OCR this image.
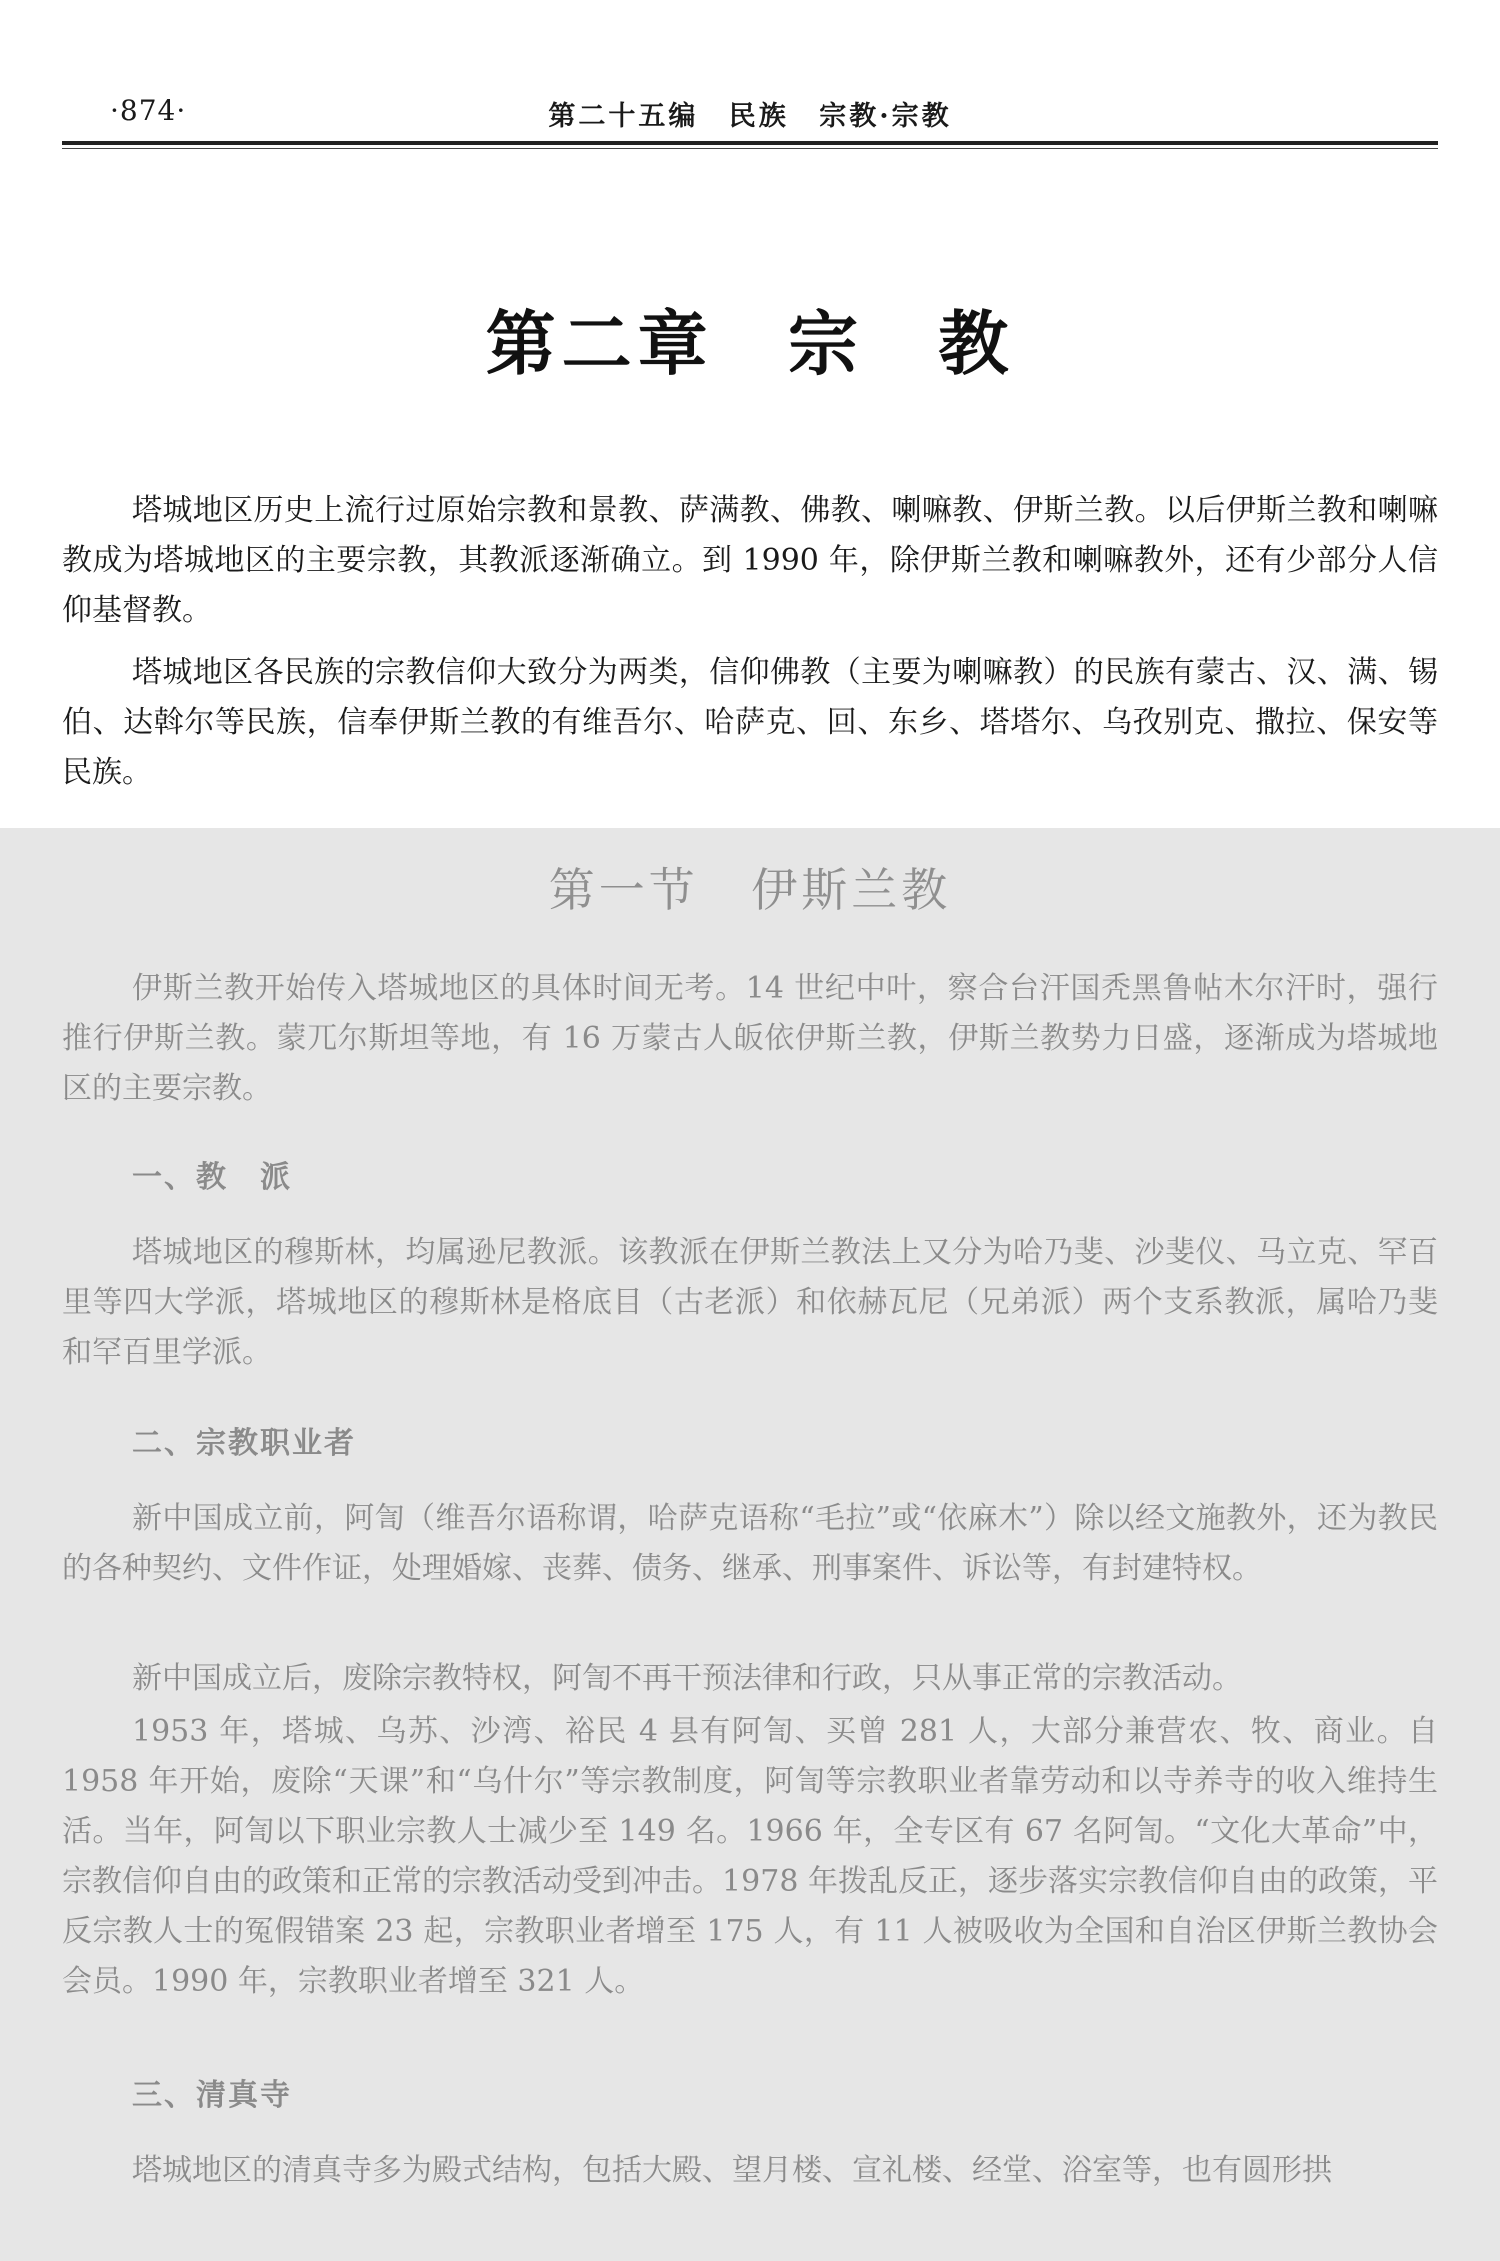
·874·	第二十五编 民族 宗教·宗教
第二章 宗 教

塔城地区历史上流行过原始宗教和景教、萨满教、佛教、喇嘛教、伊斯兰教。以后伊斯兰教和喇嘛教成为塔城地区的主要宗教，其教派逐渐确立。到 1990 年，除伊斯兰教和喇嘛教外，还有少部分人信仰基督教。

塔城地区各民族的宗教信仰大致分为两类，信仰佛教（主要为喇嘛教）的民族有蒙古、汉、满、锡伯、达斡尔等民族，信奉伊斯兰教的有维吾尔、哈萨克、回、东乡、塔塔尔、乌孜别克、撒拉、保安等民族。

第一节 伊斯兰教

伊斯兰教开始传入塔城地区的具体时间无考。14 世纪中叶，察合台汗国秃黑鲁帖木尔汗时，强行推行伊斯兰教。蒙兀尔斯坦等地，有 16 万蒙古人皈依伊斯兰教，伊斯兰教势力日盛，逐渐成为塔城地区的主要宗教。

一、教　派

塔城地区的穆斯林，均属逊尼教派。该教派在伊斯兰教法上又分为哈乃斐、沙斐仪、马立克、罕百里等四大学派，塔城地区的穆斯林是格底目（古老派）和依赫瓦尼（兄弟派）两个支系教派，属哈乃斐和罕百里学派。

二、宗教职业者

新中国成立前，阿訇（维吾尔语称谓，哈萨克语称“毛拉”或“依麻木”）除以经文施教外，还为教民的各种契约、文件作证，处理婚嫁、丧葬、债务、继承、刑事案件、诉讼等，有封建特权。

新中国成立后，废除宗教特权，阿訇不再干预法律和行政，只从事正常的宗教活动。

1953 年，塔城、乌苏、沙湾、裕民 4 县有阿訇、买曾 281 人，大部分兼营农、牧、商业。自 1958 年开始，废除“天课”和“乌什尔”等宗教制度，阿訇等宗教职业者靠劳动和以寺养寺的收入维持生活。当年，阿訇以下职业宗教人士减少至 149 名。1966 年，全专区有 67 名阿訇。“文化大革命”中，宗教信仰自由的政策和正常的宗教活动受到冲击。1978 年拨乱反正，逐步落实宗教信仰自由的政策，平反宗教人士的冤假错案 23 起，宗教职业者增至 175 人，有 11 人被吸收为全国和自治区伊斯兰教协会会员。1990 年，宗教职业者增至 321 人。

三、清真寺

塔城地区的清真寺多为殿式结构，包括大殿、望月楼、宣礼楼、经堂、浴室等，也有圆形拱
